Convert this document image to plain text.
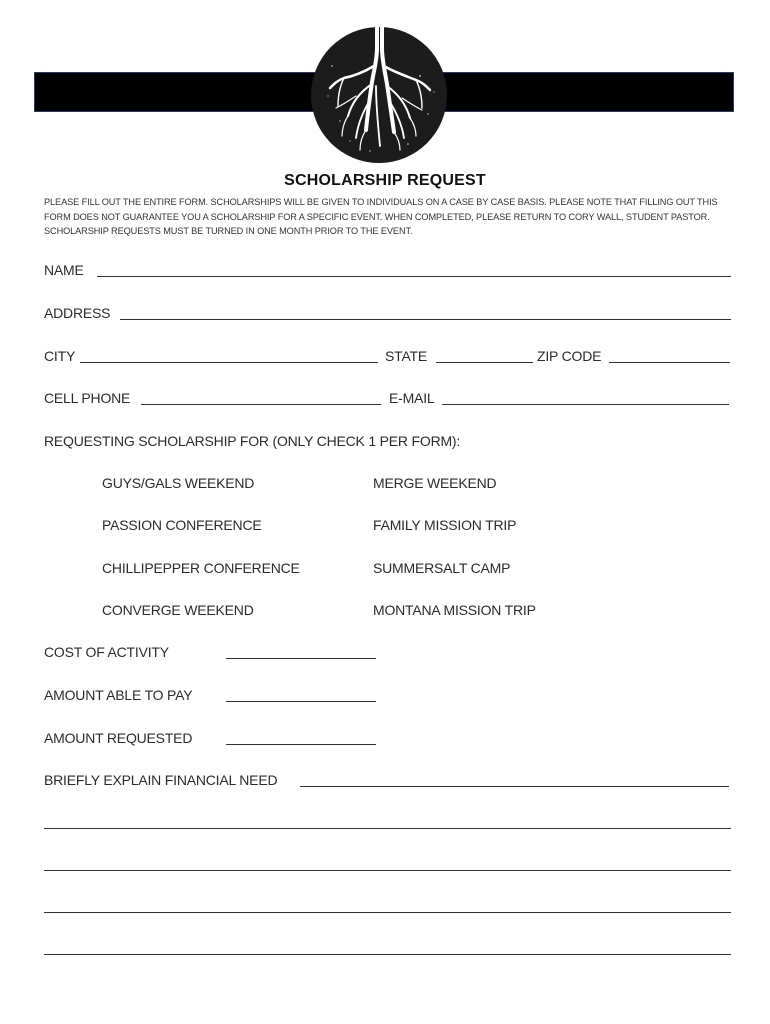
SCHOLARSHIP REQUEST
PLEASE FILL OUT THE ENTIRE FORM. SCHOLARSHIPS WILL BE GIVEN TO INDIVIDUALS ON A CASE BY CASE BASIS. PLEASE NOTE THAT FILLING OUT THIS FORM DOES NOT GUARANTEE YOU A SCHOLARSHIP FOR A SPECIFIC EVENT. WHEN COMPLETED, PLEASE RETURN TO CORY WALL, STUDENT PASTOR. SCHOLARSHIP REQUESTS MUST BE TURNED IN ONE MONTH PRIOR TO THE EVENT.
NAME
ADDRESS
CITY	STATE	ZIP CODE
CELL PHONE	E-MAIL
REQUESTING SCHOLARSHIP FOR (ONLY CHECK 1 PER FORM):
GUYS/GALS WEEKEND	MERGE WEEKEND
PASSION CONFERENCE	FAMILY MISSION TRIP
CHILLIPEPPER CONFERENCE	SUMMERSALT CAMP
CONVERGE WEEKEND	MONTANA MISSION TRIP
COST OF ACTIVITY
AMOUNT ABLE TO PAY
AMOUNT REQUESTED
BRIEFLY EXPLAIN FINANCIAL NEED
